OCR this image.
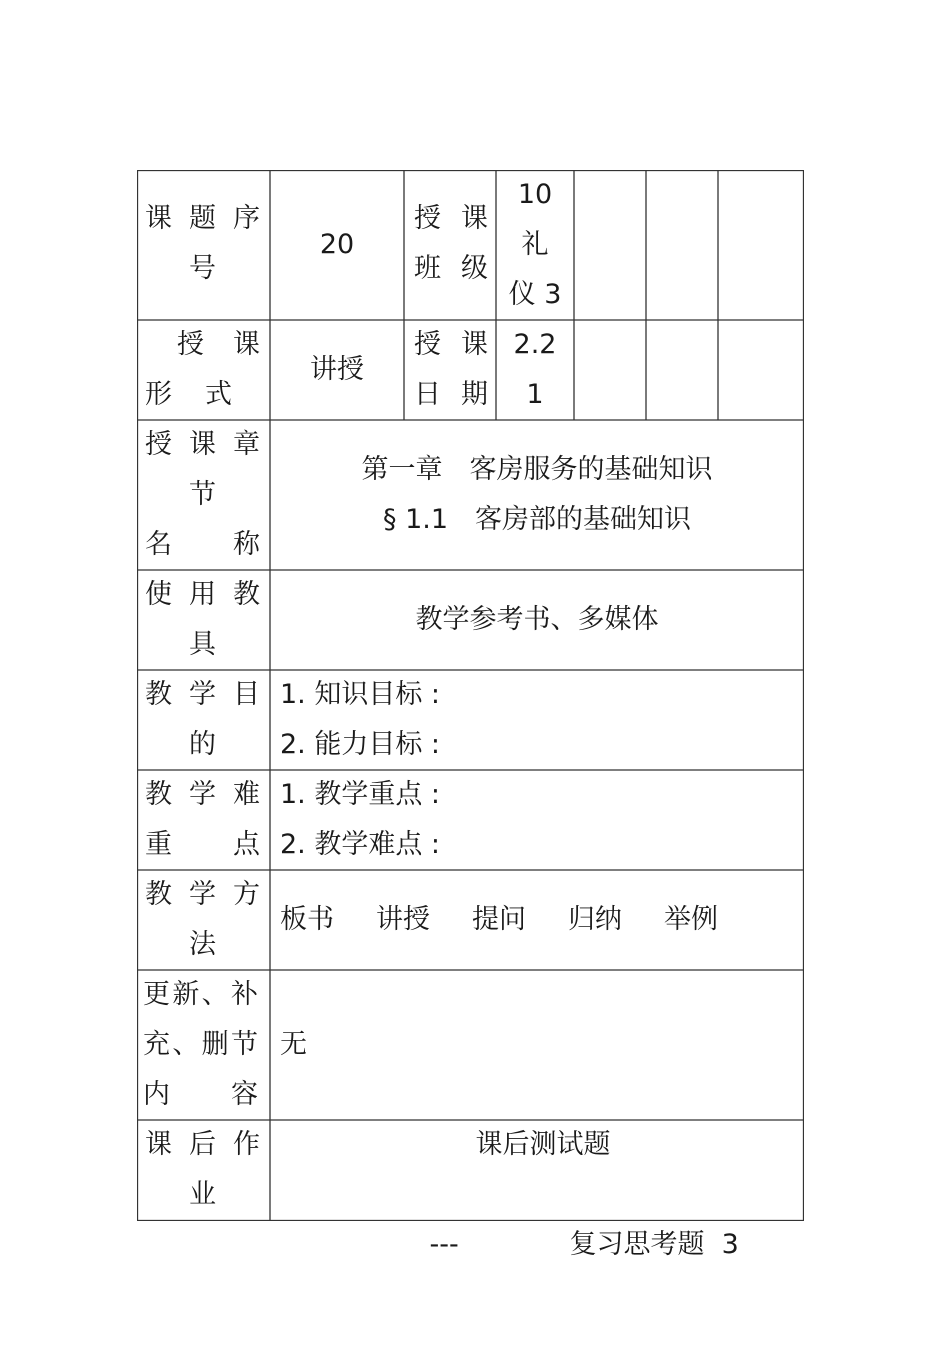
课 题 序
号
20
授 课
班 级
10
礼
仪 3
授 课
形 式
讲授
授 课
日 期
2.2
1
授课章
节
名 称
第一章　客房服务的基础知识
§ 1.1　客房部的基础知识
使用教
具
教学参考书、多媒体
教学目
的
1. 知识目标 :
2. 能力目标 :
教学难
重 点
1. 教学重点 :
2. 教学难点 :
教学方
法
板书 讲授 提问 归纳 举例
更新、补
充、删节
内 容
无
课后作
业
课后测试题

---	复习思考题  3
